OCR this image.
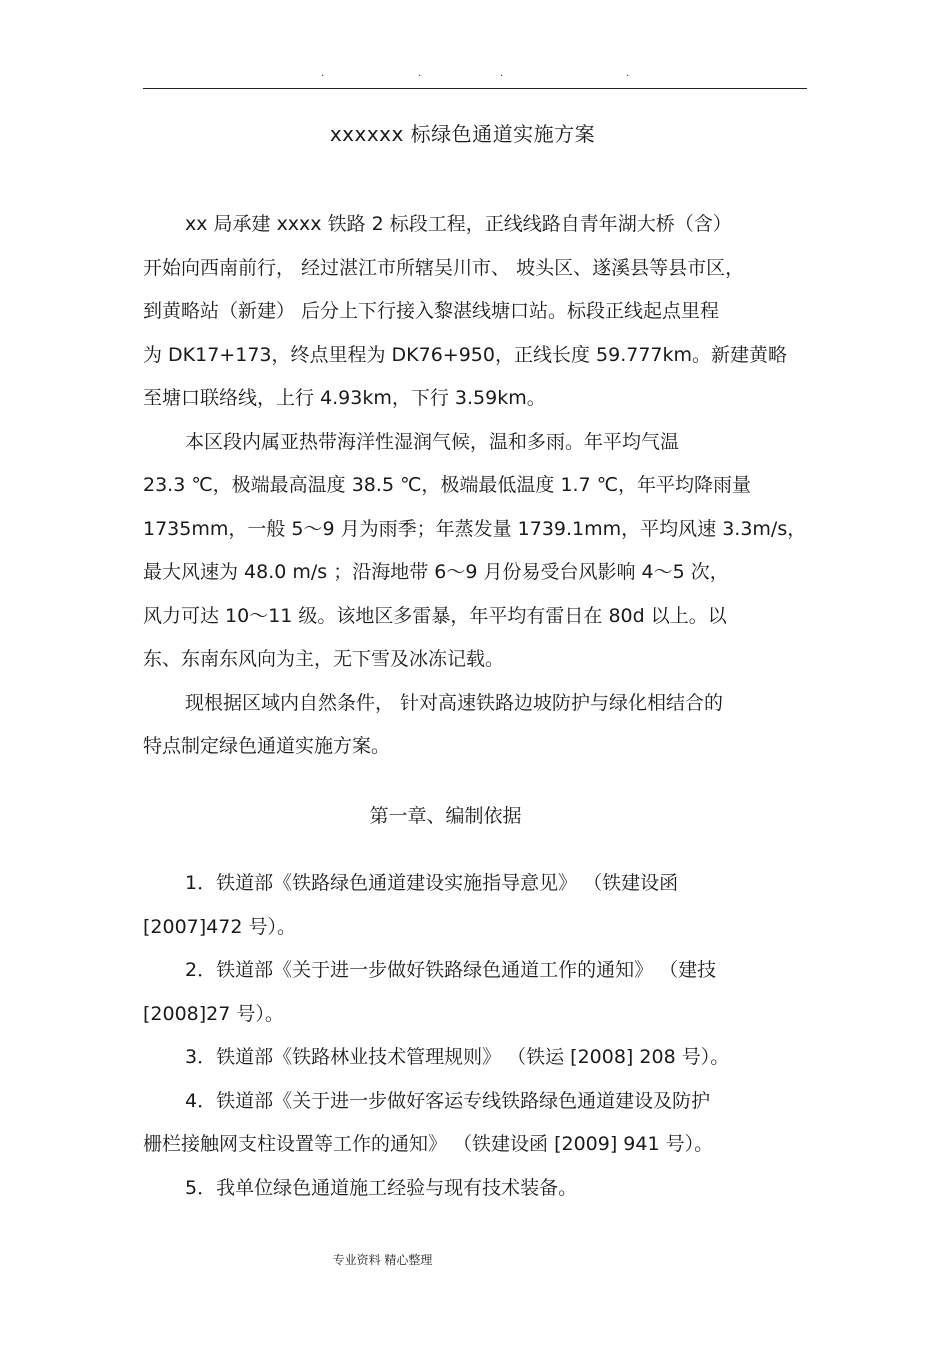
.	.	.	.
xxxxxx 标绿色通道实施方案
xx 局承建 xxxx 铁路 2 标段工程，正线线路自青年湖大桥（含）
开始向西南前行， 经过湛江市所辖吴川市、 坡头区、遂溪县等县市区，
到黄略站（新建） 后分上下行接入黎湛线塘口站。标段正线起点里程
为 DK17+173，终点里程为 DK76+950，正线长度 59.777km。新建黄略
至塘口联络线，上行 4.93km，下行 3.59km。
本区段内属亚热带海洋性湿润气候，温和多雨。年平均气温
23.3 ℃，极端最高温度 38.5 ℃，极端最低温度 1.7 ℃，年平均降雨量
1735mm，一般 5～9 月为雨季；年蒸发量 1739.1mm，平均风速 3.3m/s，
最大风速为 48.0 m/s ；沿海地带 6～9 月份易受台风影响 4～5 次，
风力可达 10～11 级。该地区多雷暴，年平均有雷日在 80d 以上。以
东、东南东风向为主，无下雪及冰冻记载。
现根据区域内自然条件， 针对高速铁路边坡防护与绿化相结合的
特点制定绿色通道实施方案。
第一章、编制依据
1．铁道部《铁路绿色通道建设实施指导意见》 （铁建设函
[2007]472 号）。
2．铁道部《关于进一步做好铁路绿色通道工作的通知》 （建技
[2008]27 号）。
3．铁道部《铁路林业技术管理规则》 （铁运 [2008] 208 号）。
4．铁道部《关于进一步做好客运专线铁路绿色通道建设及防护
栅栏接触网支柱设置等工作的通知》 （铁建设函 [2009] 941 号）。
5．我单位绿色通道施工经验与现有技术装备。
专业资料 精心整理
